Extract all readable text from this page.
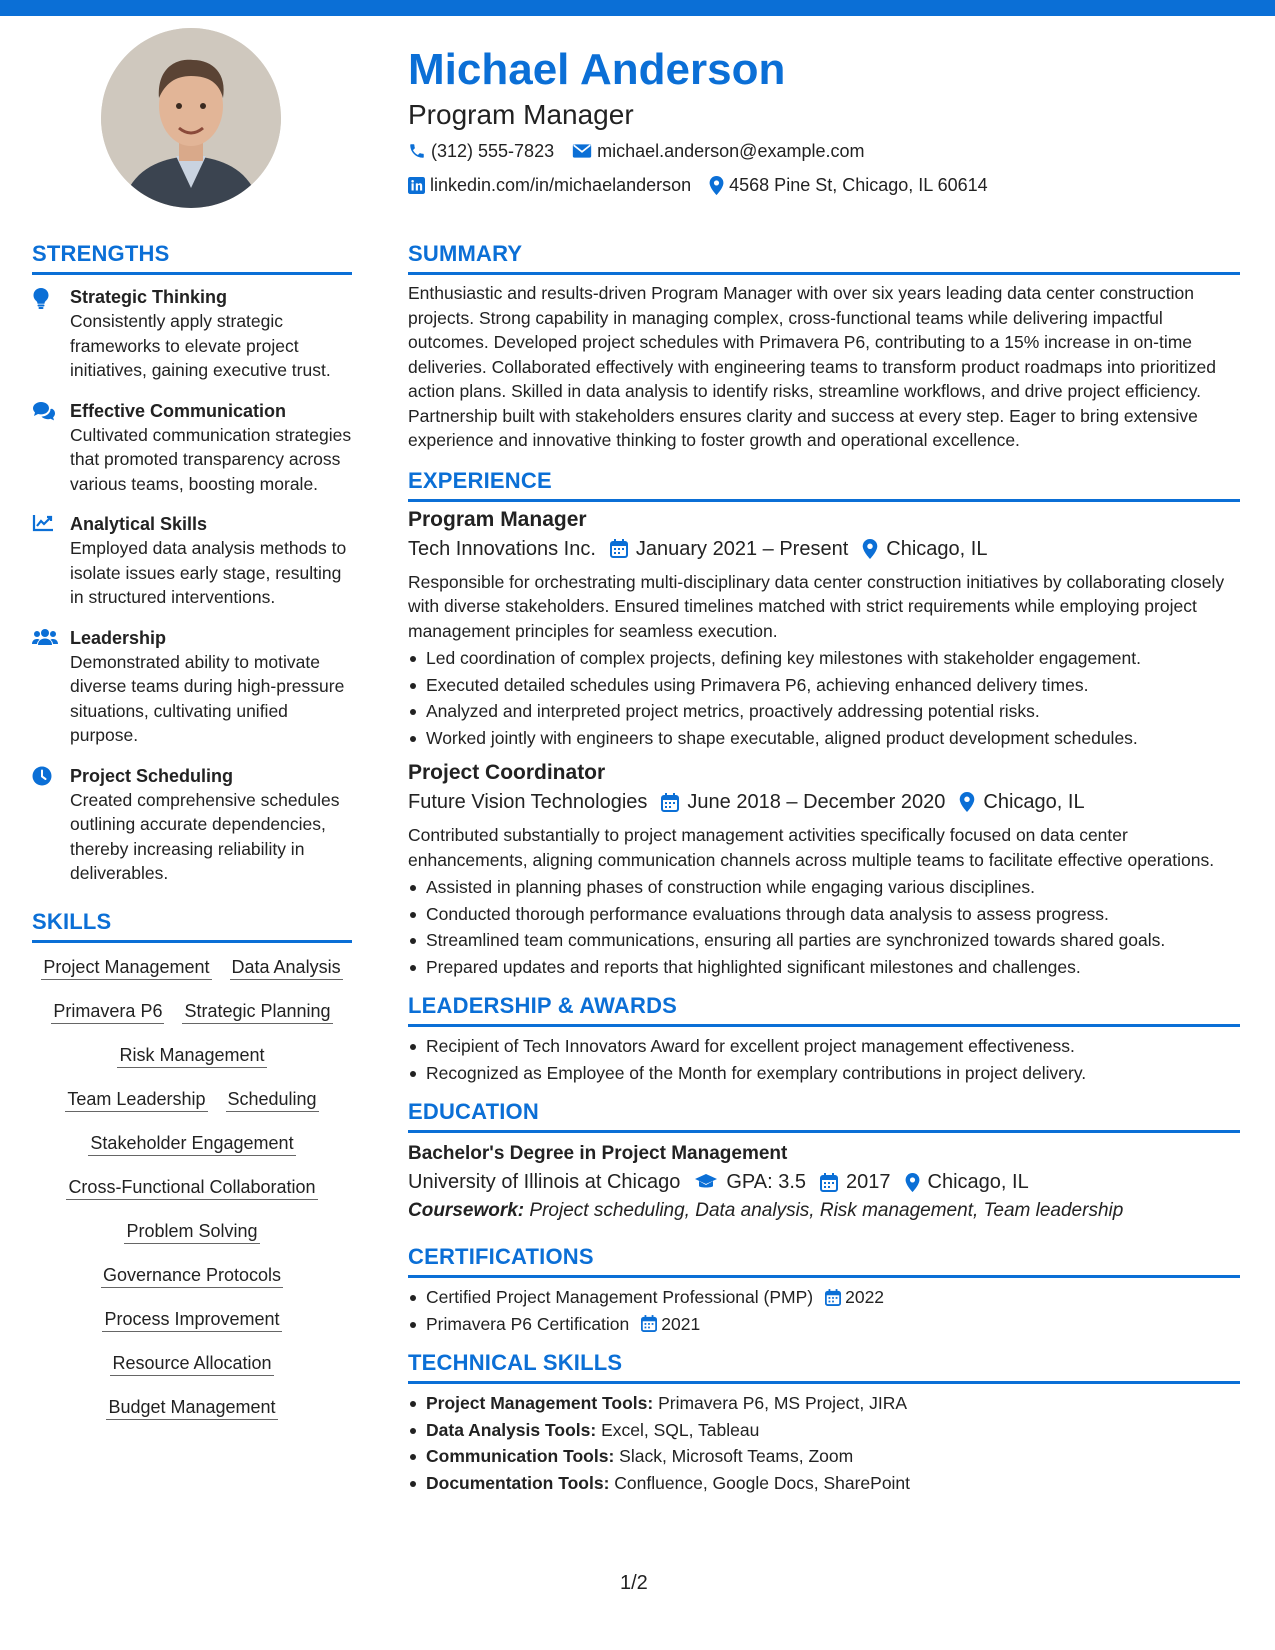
Michael Anderson
Program Manager
(312) 555-7823 michael.anderson@example.com
linkedin.com/in/michaelanderson 4568 Pine St, Chicago, IL 60614
STRENGTHS
Strategic Thinking
Consistently apply strategic frameworks to elevate project initiatives, gaining executive trust.
Effective Communication
Cultivated communication strategies that promoted transparency across various teams, boosting morale.
Analytical Skills
Employed data analysis methods to isolate issues early stage, resulting in structured interventions.
Leadership
Demonstrated ability to motivate diverse teams during high-pressure situations, cultivating unified purpose.
Project Scheduling
Created comprehensive schedules outlining accurate dependencies, thereby increasing reliability in deliverables.
SKILLS
Project Management Data Analysis
Primavera P6 Strategic Planning
Risk Management
Team Leadership Scheduling
Stakeholder Engagement
Cross-Functional Collaboration
Problem Solving
Governance Protocols
Process Improvement
Resource Allocation
Budget Management
SUMMARY
Enthusiastic and results-driven Program Manager with over six years leading data center construction projects. Strong capability in managing complex, cross-functional teams while delivering impactful outcomes. Developed project schedules with Primavera P6, contributing to a 15% increase in on-time deliveries. Collaborated effectively with engineering teams to transform product roadmaps into prioritized action plans. Skilled in data analysis to identify risks, streamline workflows, and drive project efficiency. Partnership built with stakeholders ensures clarity and success at every step. Eager to bring extensive experience and innovative thinking to foster growth and operational excellence.
EXPERIENCE
Program Manager
Tech Innovations Inc. January 2021 – Present Chicago, IL
Responsible for orchestrating multi-disciplinary data center construction initiatives by collaborating closely with diverse stakeholders. Ensured timelines matched with strict requirements while employing project management principles for seamless execution.
Led coordination of complex projects, defining key milestones with stakeholder engagement.
Executed detailed schedules using Primavera P6, achieving enhanced delivery times.
Analyzed and interpreted project metrics, proactively addressing potential risks.
Worked jointly with engineers to shape executable, aligned product development schedules.
Project Coordinator
Future Vision Technologies June 2018 – December 2020 Chicago, IL
Contributed substantially to project management activities specifically focused on data center enhancements, aligning communication channels across multiple teams to facilitate effective operations.
Assisted in planning phases of construction while engaging various disciplines.
Conducted thorough performance evaluations through data analysis to assess progress.
Streamlined team communications, ensuring all parties are synchronized towards shared goals.
Prepared updates and reports that highlighted significant milestones and challenges.
LEADERSHIP & AWARDS
Recipient of Tech Innovators Award for excellent project management effectiveness.
Recognized as Employee of the Month for exemplary contributions in project delivery.
EDUCATION
Bachelor's Degree in Project Management
University of Illinois at Chicago GPA: 3.5 2017 Chicago, IL
Coursework: Project scheduling, Data analysis, Risk management, Team leadership
CERTIFICATIONS
Certified Project Management Professional (PMP) 2022
Primavera P6 Certification 2021
TECHNICAL SKILLS
Project Management Tools: Primavera P6, MS Project, JIRA
Data Analysis Tools: Excel, SQL, Tableau
Communication Tools: Slack, Microsoft Teams, Zoom
Documentation Tools: Confluence, Google Docs, SharePoint
1/2
